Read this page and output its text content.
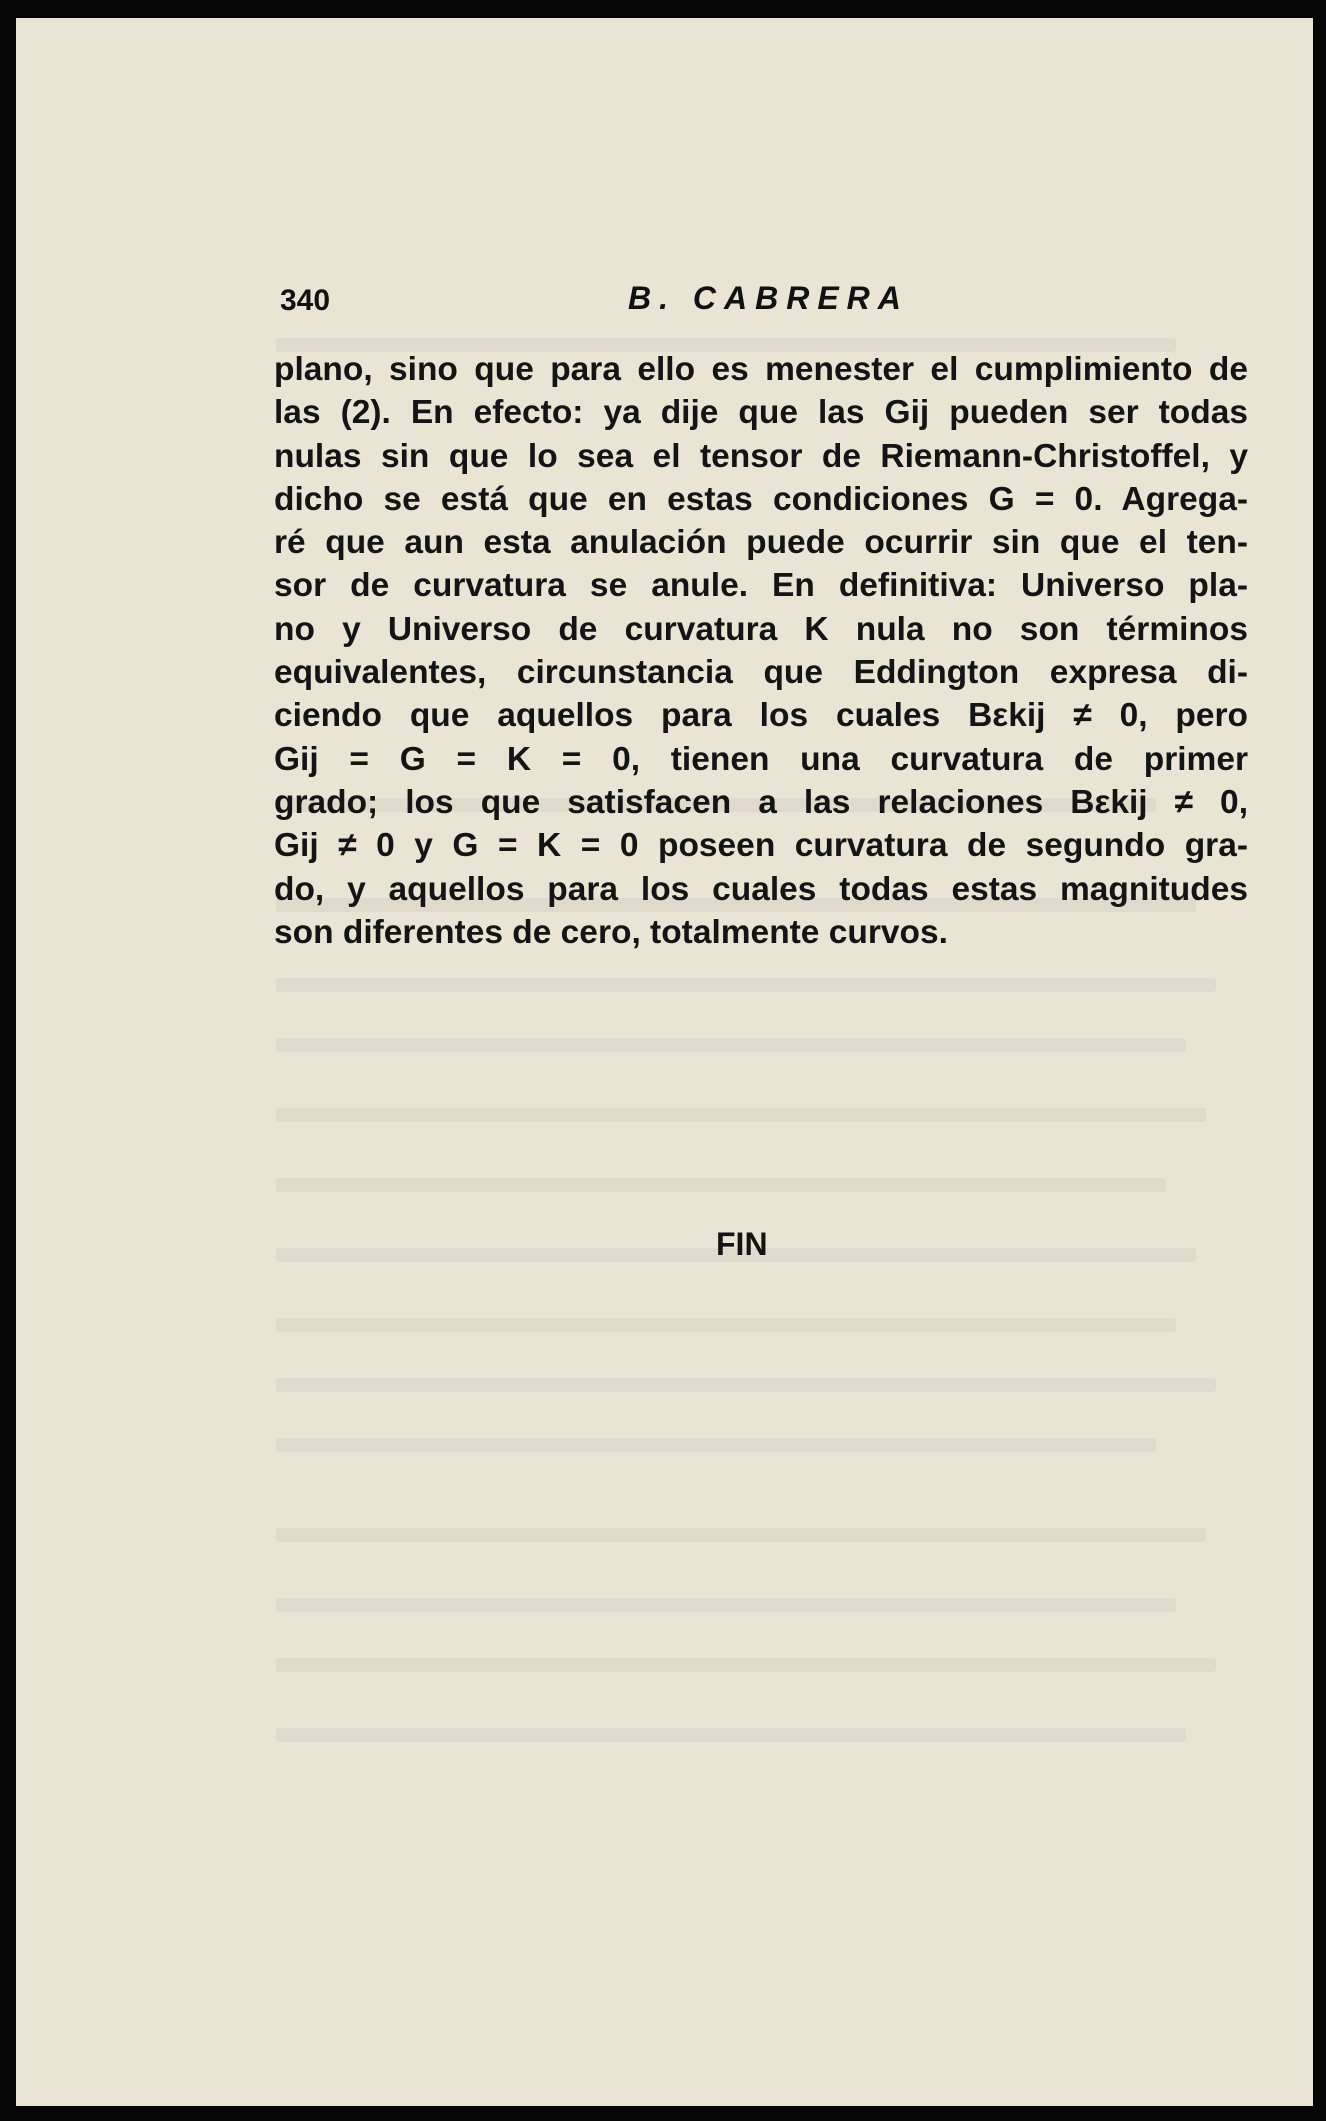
340	B. CABRERA
plano, sino que para ello es menester el cumplimiento de
las (2). En efecto: ya dije que las Gij pueden ser todas
nulas sin que lo sea el tensor de Riemann-Christoffel, y
dicho se está que en estas condiciones G = 0. Agrega-
ré que aun esta anulación puede ocurrir sin que el ten-
sor de curvatura se anule. En definitiva: Universo pla-
no y Universo de curvatura K nula no son términos
equivalentes, circunstancia que Eddington expresa di-
ciendo que aquellos para los cuales Bεkij ≠ 0, pero
Gij = G = K = 0, tienen una curvatura de primer
grado; los que satisfacen a las relaciones Bεkij ≠ 0,
Gij ≠ 0 y G = K = 0 poseen curvatura de segundo gra-
do, y aquellos para los cuales todas estas magnitudes
son diferentes de cero, totalmente curvos.
FIN
